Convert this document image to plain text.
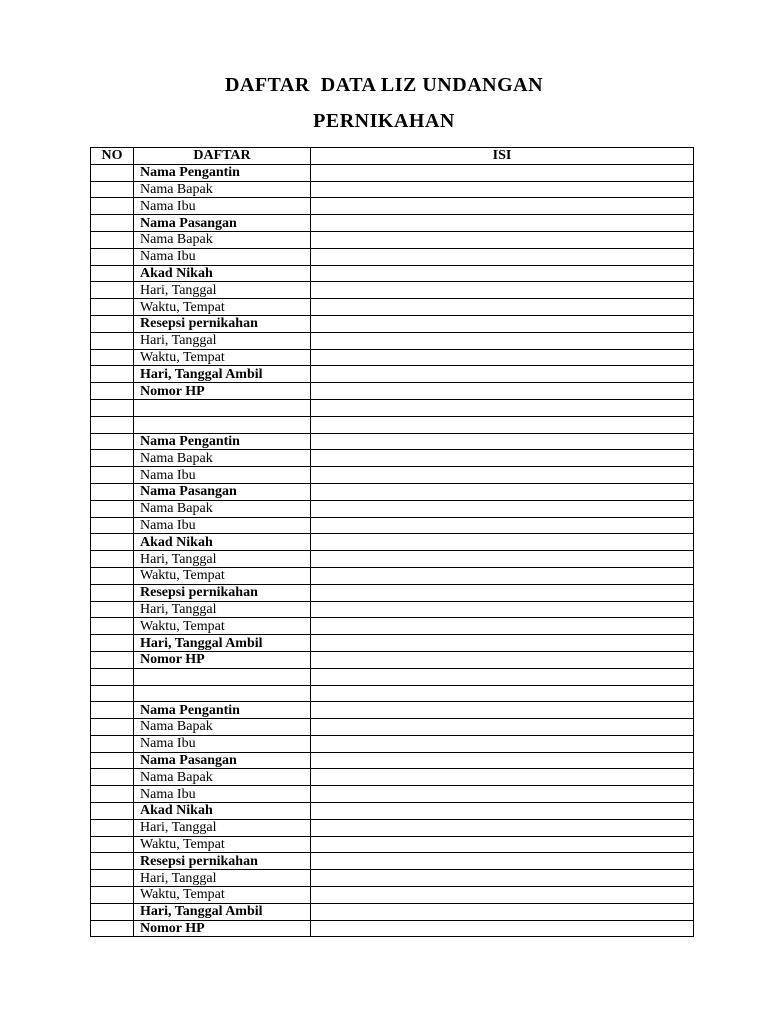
DAFTAR  DATA LIZ UNDANGAN
PERNIKAHAN
NO	DAFTAR	ISI
	Nama Pengantin	
	Nama Bapak	
	Nama Ibu	
	Nama Pasangan	
	Nama Bapak	
	Nama Ibu	
	Akad Nikah	
	Hari, Tanggal	
	Waktu, Tempat	
	Resepsi pernikahan	
	Hari, Tanggal	
	Waktu, Tempat	
	Hari, Tanggal Ambil	
	Nomor HP	

	Nama Pengantin	
	Nama Bapak	
	Nama Ibu	
	Nama Pasangan	
	Nama Bapak	
	Nama Ibu	
	Akad Nikah	
	Hari, Tanggal	
	Waktu, Tempat	
	Resepsi pernikahan	
	Hari, Tanggal	
	Waktu, Tempat	
	Hari, Tanggal Ambil	
	Nomor HP	

	Nama Pengantin	
	Nama Bapak	
	Nama Ibu	
	Nama Pasangan	
	Nama Bapak	
	Nama Ibu	
	Akad Nikah	
	Hari, Tanggal	
	Waktu, Tempat	
	Resepsi pernikahan	
	Hari, Tanggal	
	Waktu, Tempat	
	Hari, Tanggal Ambil	
	Nomor HP	
